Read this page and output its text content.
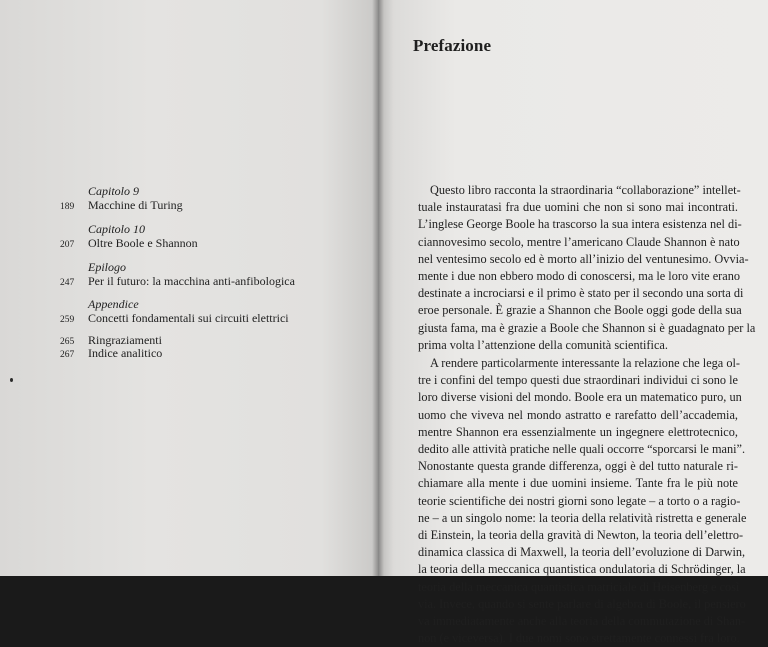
Capitolo 9
189	Macchine di Turing
Capitolo 10
207	Oltre Boole e Shannon
Epilogo
247	Per il futuro: la macchina anti-anfibologica
Appendice
259	Concetti fondamentali sui circuiti elettrici
265	Ringraziamenti
267	Indice analitico
Prefazione
Questo libro racconta la straordinaria “collaborazione” intellet-
tuale instauratasi fra due uomini che non si sono mai incontrati.
L’inglese George Boole ha trascorso la sua intera esistenza nel di-
ciannovesimo secolo, mentre l’americano Claude Shannon è nato
nel ventesimo secolo ed è morto all’inizio del ventunesimo. Ovvia-
mente i due non ebbero modo di conoscersi, ma le loro vite erano
destinate a incrociarsi e il primo è stato per il secondo una sorta di
eroe personale. È grazie a Shannon che Boole oggi gode della sua
giusta fama, ma è grazie a Boole che Shannon si è guadagnato per la
prima volta l’attenzione della comunità scientifica.
A rendere particolarmente interessante la relazione che lega ol-
tre i confini del tempo questi due straordinari individui ci sono le
loro diverse visioni del mondo. Boole era un matematico puro, un
uomo che viveva nel mondo astratto e rarefatto dell’accademia,
mentre Shannon era essenzialmente un ingegnere elettrotecnico,
dedito alle attività pratiche nelle quali occorre “sporcarsi le mani”.
Nonostante questa grande differenza, oggi è del tutto naturale ri-
chiamare alla mente i due uomini insieme. Tante fra le più note
teorie scientifiche dei nostri giorni sono legate – a torto o a ragio-
ne – a un singolo nome: la teoria della relatività ristretta e generale
di Einstein, la teoria della gravità di Newton, la teoria dell’elettro-
dinamica classica di Maxwell, la teoria dell’evoluzione di Darwin,
la teoria della meccanica quantistica ondulatoria di Schrödinger, la
teoria della meccanica quantistica matriciale di Heisenberg e così
via. Invece, quando si sente parlare di algebra di Boole, il pensiero
va immediatamente anche alla teoria della commutazione di Shan-
non (e viceversa). I due nomi sono strettamente connessi fra loro.
